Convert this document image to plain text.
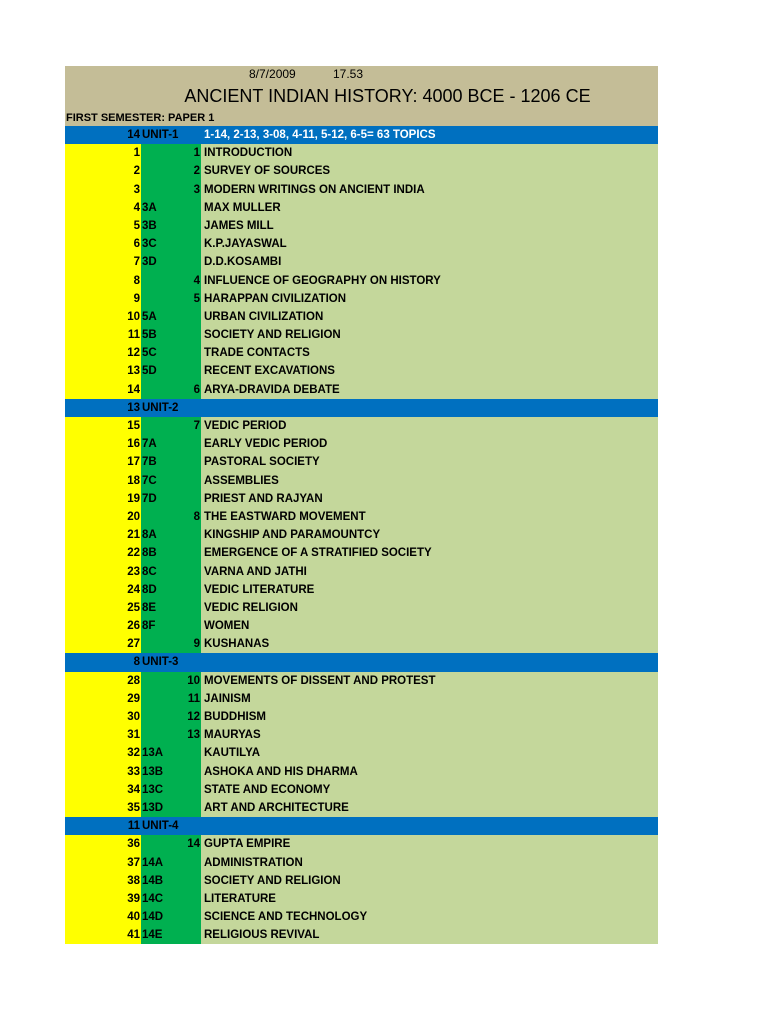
8/7/2009	17.53
ANCIENT INDIAN HISTORY: 4000 BCE - 1206 CE
FIRST SEMESTER: PAPER 1
14 UNIT-1	1-14, 2-13, 3-08, 4-11, 5-12, 6-5= 63 TOPICS
1	1 INTRODUCTION
2	2 SURVEY OF SOURCES
3	3 MODERN WRITINGS ON ANCIENT INDIA
4 3A	MAX MULLER
5 3B	JAMES MILL
6 3C	K.P.JAYASWAL
7 3D	D.D.KOSAMBI
8	4 INFLUENCE OF GEOGRAPHY ON HISTORY
9	5 HARAPPAN CIVILIZATION
10 5A	URBAN CIVILIZATION
11 5B	SOCIETY AND RELIGION
12 5C	TRADE CONTACTS
13 5D	RECENT EXCAVATIONS
14	6 ARYA-DRAVIDA DEBATE
13 UNIT-2
15	7 VEDIC PERIOD
16 7A	EARLY VEDIC PERIOD
17 7B	PASTORAL SOCIETY
18 7C	ASSEMBLIES
19 7D	PRIEST AND RAJYAN
20	8 THE EASTWARD MOVEMENT
21 8A	KINGSHIP AND PARAMOUNTCY
22 8B	EMERGENCE OF A STRATIFIED SOCIETY
23 8C	VARNA AND JATHI
24 8D	VEDIC LITERATURE
25 8E	VEDIC RELIGION
26 8F	WOMEN
27	9 KUSHANAS
8 UNIT-3
28	10 MOVEMENTS OF DISSENT AND PROTEST
29	11 JAINISM
30	12 BUDDHISM
31	13 MAURYAS
32 13A	KAUTILYA
33 13B	ASHOKA AND HIS DHARMA
34 13C	STATE AND ECONOMY
35 13D	ART AND ARCHITECTURE
11 UNIT-4
36	14 GUPTA EMPIRE
37 14A	ADMINISTRATION
38 14B	SOCIETY AND RELIGION
39 14C	LITERATURE
40 14D	SCIENCE AND TECHNOLOGY
41 14E	RELIGIOUS REVIVAL
